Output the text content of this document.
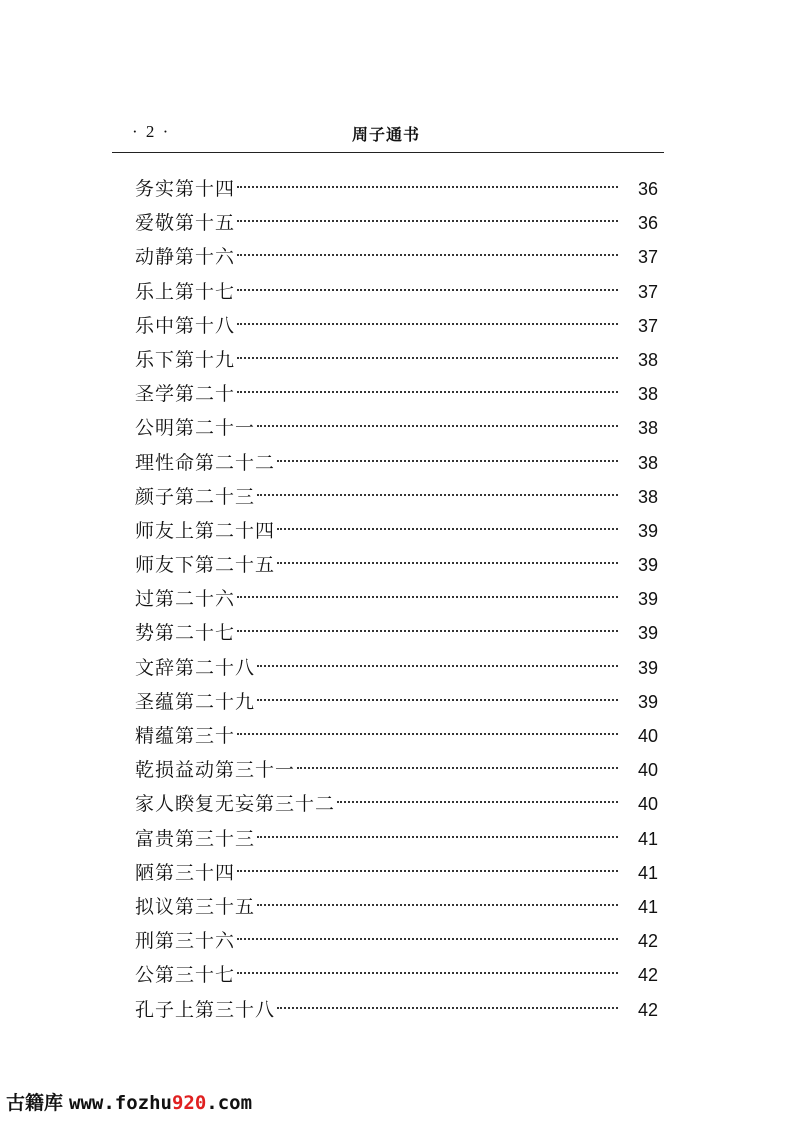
· 2 ·	周子通书
务实第十四	36
爱敬第十五	36
动静第十六	37
乐上第十七	37
乐中第十八	37
乐下第十九	38
圣学第二十	38
公明第二十一	38
理性命第二十二	38
颜子第二十三	38
师友上第二十四	39
师友下第二十五	39
过第二十六	39
势第二十七	39
文辞第二十八	39
圣蕴第二十九	39
精蕴第三十	40
乾损益动第三十一	40
家人睽复无妄第三十二	40
富贵第三十三	41
陋第三十四	41
拟议第三十五	41
刑第三十六	42
公第三十七	42
孔子上第三十八	42
古籍库 www.fozhu920.com
